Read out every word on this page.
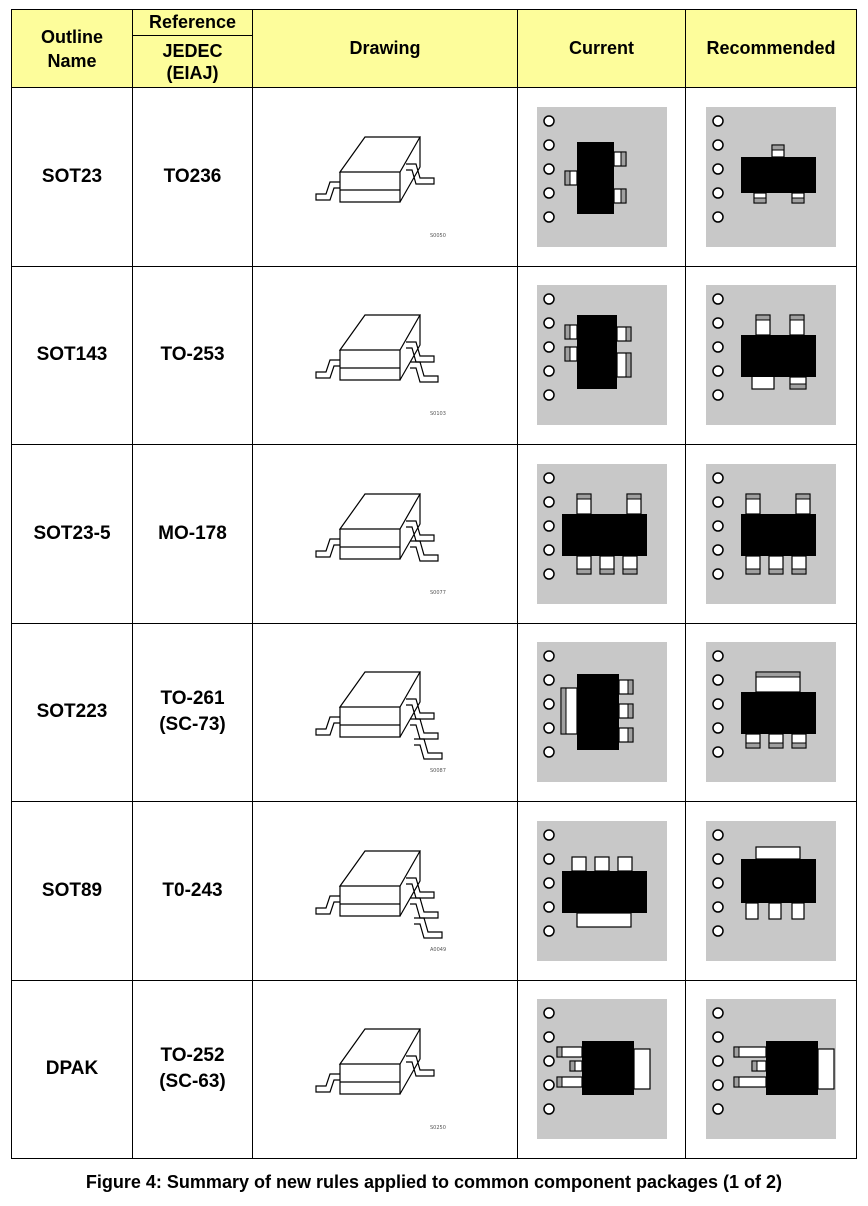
Outline
Name	Reference	Drawing	Current	Recommended
	JEDEC
(EIAJ)			
SOT23	TO236	S0050

SOT143	TO-253	S0103

SOT23-5	MO-178	S0077

SOT223	TO-261
(SC-73)	S0087

SOT89	T0-243	A0049

DPAK	TO-252
(SC-63)	S0250

Figure 4: Summary of new rules applied to common component packages (1 of 2)
